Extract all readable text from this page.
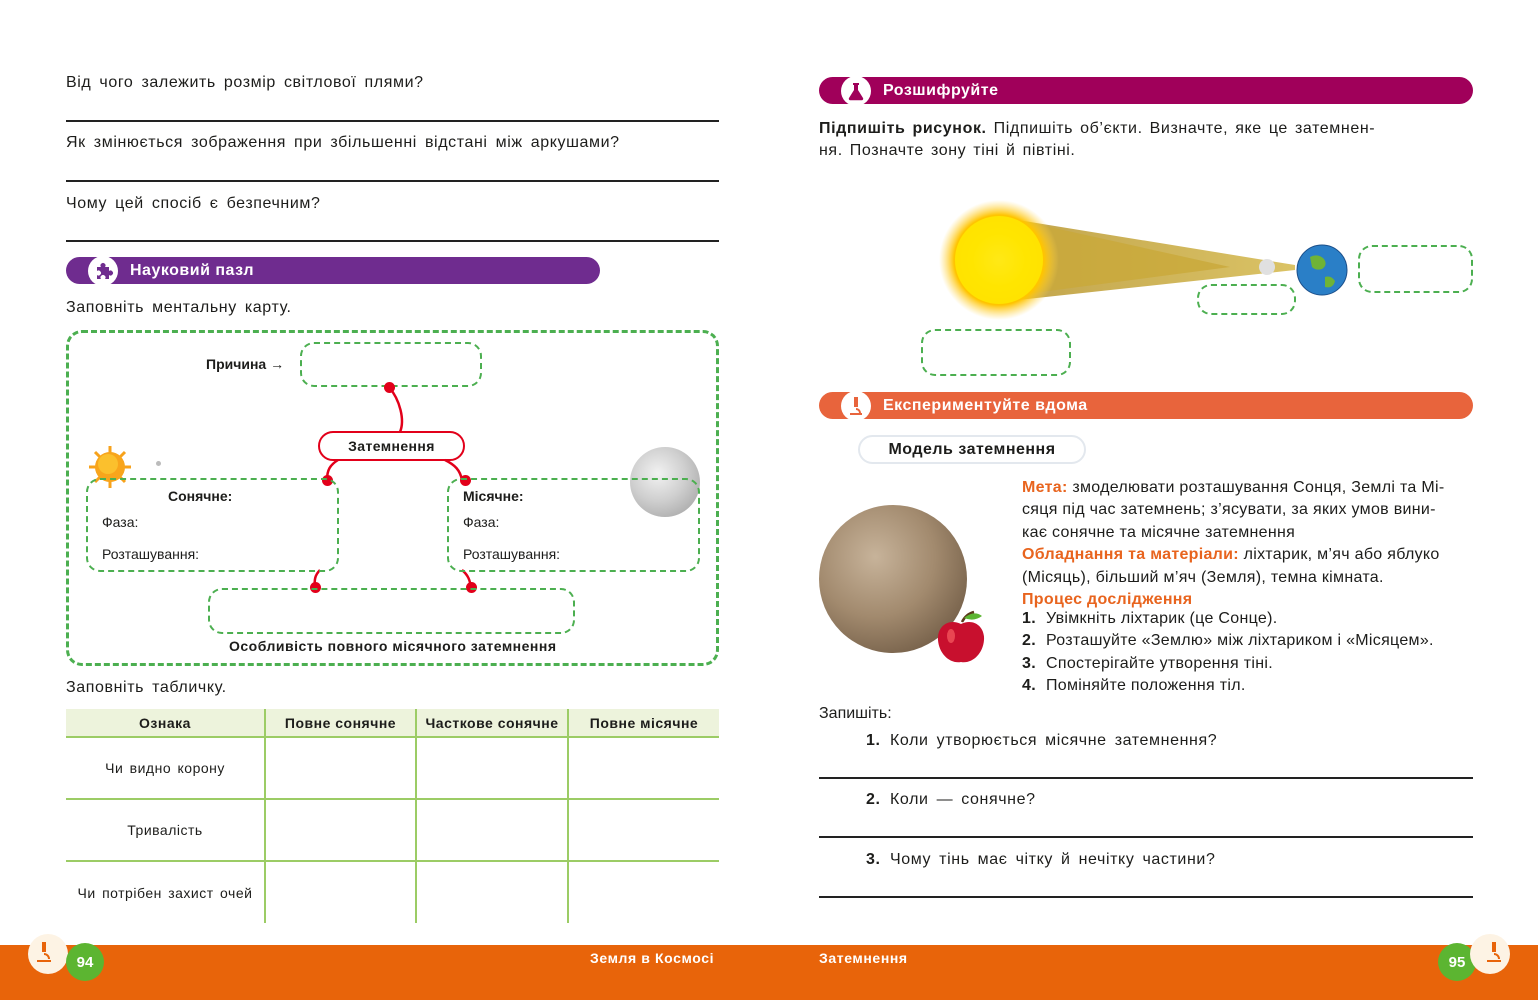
Від чого залежить розмір світлової плями?
Як змінюється зображення при збільшенні відстані між аркушами?
Чому цей спосіб є безпечним?
Науковий пазл
Заповніть ментальну карту.
Причина →
Затемнення
Сонячне:
Фаза:
Розташування:
Місячне:
Фаза:
Розташування:
Особливість повного місячного затемнення
Заповніть табличку.
Ознака	Повне сонячне	Часткове сонячне	Повне місячне
Чи видно корону			
Тривалість			
Чи потрібен захист очей			
Розшифруйте
Підпишіть рисунок. Підпишіть об’єкти. Визначте, яке це затемнен-
ня. Позначте зону тіні й півтіні.
Експериментуйте вдома
Модель затемнення
Мета: змоделювати розташування Сонця, Землі та Мі-
сяця під час затемнень; з’ясувати, за яких умов вини-
кає сонячне та місячне затемнення
Обладнання та матеріали: ліхтарик, м’яч або яблуко
(Місяць), більший м’яч (Земля), темна кімната.
Процес дослідження
1. Увімкніть ліхтарик (це Сонце).
2. Розташуйте «Землю» між ліхтариком і «Місяцем».
3. Спостерігайте утворення тіні.
4. Поміняйте положення тіл.
Запишіть:
1. Коли утворюється місячне затемнення?
2. Коли — сонячне?
3. Чому тінь має чітку й нечітку частини?
94	Земля в Космосі	Затемнення	95
